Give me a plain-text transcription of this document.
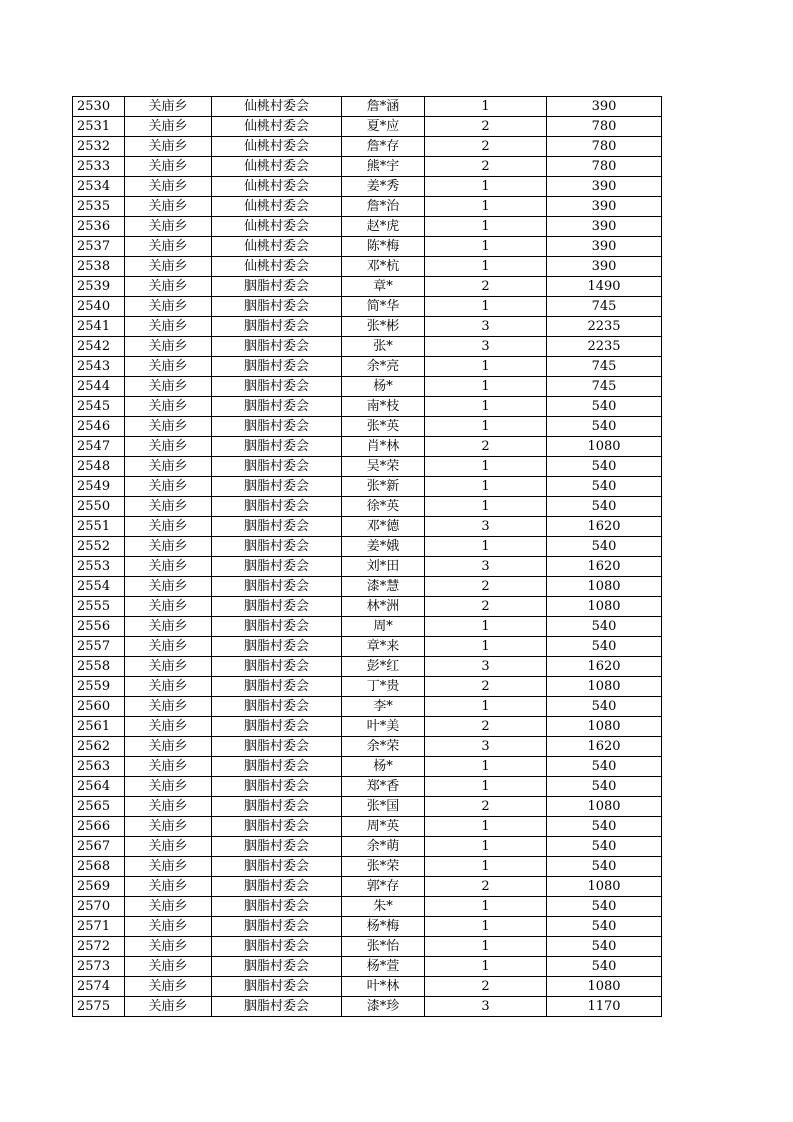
2530	关庙乡	仙桃村委会	詹*涵	1	390
2531	关庙乡	仙桃村委会	夏*应	2	780
2532	关庙乡	仙桃村委会	詹*存	2	780
2533	关庙乡	仙桃村委会	熊*宇	2	780
2534	关庙乡	仙桃村委会	姜*秀	1	390
2535	关庙乡	仙桃村委会	詹*治	1	390
2536	关庙乡	仙桃村委会	赵*虎	1	390
2537	关庙乡	仙桃村委会	陈*梅	1	390
2538	关庙乡	仙桃村委会	邓*杭	1	390
2539	关庙乡	胭脂村委会	章*	2	1490
2540	关庙乡	胭脂村委会	简*华	1	745
2541	关庙乡	胭脂村委会	张*彬	3	2235
2542	关庙乡	胭脂村委会	张*	3	2235
2543	关庙乡	胭脂村委会	余*亮	1	745
2544	关庙乡	胭脂村委会	杨*	1	745
2545	关庙乡	胭脂村委会	南*枝	1	540
2546	关庙乡	胭脂村委会	张*英	1	540
2547	关庙乡	胭脂村委会	肖*林	2	1080
2548	关庙乡	胭脂村委会	吴*荣	1	540
2549	关庙乡	胭脂村委会	张*新	1	540
2550	关庙乡	胭脂村委会	徐*英	1	540
2551	关庙乡	胭脂村委会	邓*德	3	1620
2552	关庙乡	胭脂村委会	姜*娥	1	540
2553	关庙乡	胭脂村委会	刘*田	3	1620
2554	关庙乡	胭脂村委会	漆*慧	2	1080
2555	关庙乡	胭脂村委会	林*洲	2	1080
2556	关庙乡	胭脂村委会	周*	1	540
2557	关庙乡	胭脂村委会	章*来	1	540
2558	关庙乡	胭脂村委会	彭*红	3	1620
2559	关庙乡	胭脂村委会	丁*贵	2	1080
2560	关庙乡	胭脂村委会	李*	1	540
2561	关庙乡	胭脂村委会	叶*美	2	1080
2562	关庙乡	胭脂村委会	余*荣	3	1620
2563	关庙乡	胭脂村委会	杨*	1	540
2564	关庙乡	胭脂村委会	郑*香	1	540
2565	关庙乡	胭脂村委会	张*国	2	1080
2566	关庙乡	胭脂村委会	周*英	1	540
2567	关庙乡	胭脂村委会	余*萌	1	540
2568	关庙乡	胭脂村委会	张*荣	1	540
2569	关庙乡	胭脂村委会	郭*存	2	1080
2570	关庙乡	胭脂村委会	朱*	1	540
2571	关庙乡	胭脂村委会	杨*梅	1	540
2572	关庙乡	胭脂村委会	张*怡	1	540
2573	关庙乡	胭脂村委会	杨*萱	1	540
2574	关庙乡	胭脂村委会	叶*林	2	1080
2575	关庙乡	胭脂村委会	漆*珍	3	1170
